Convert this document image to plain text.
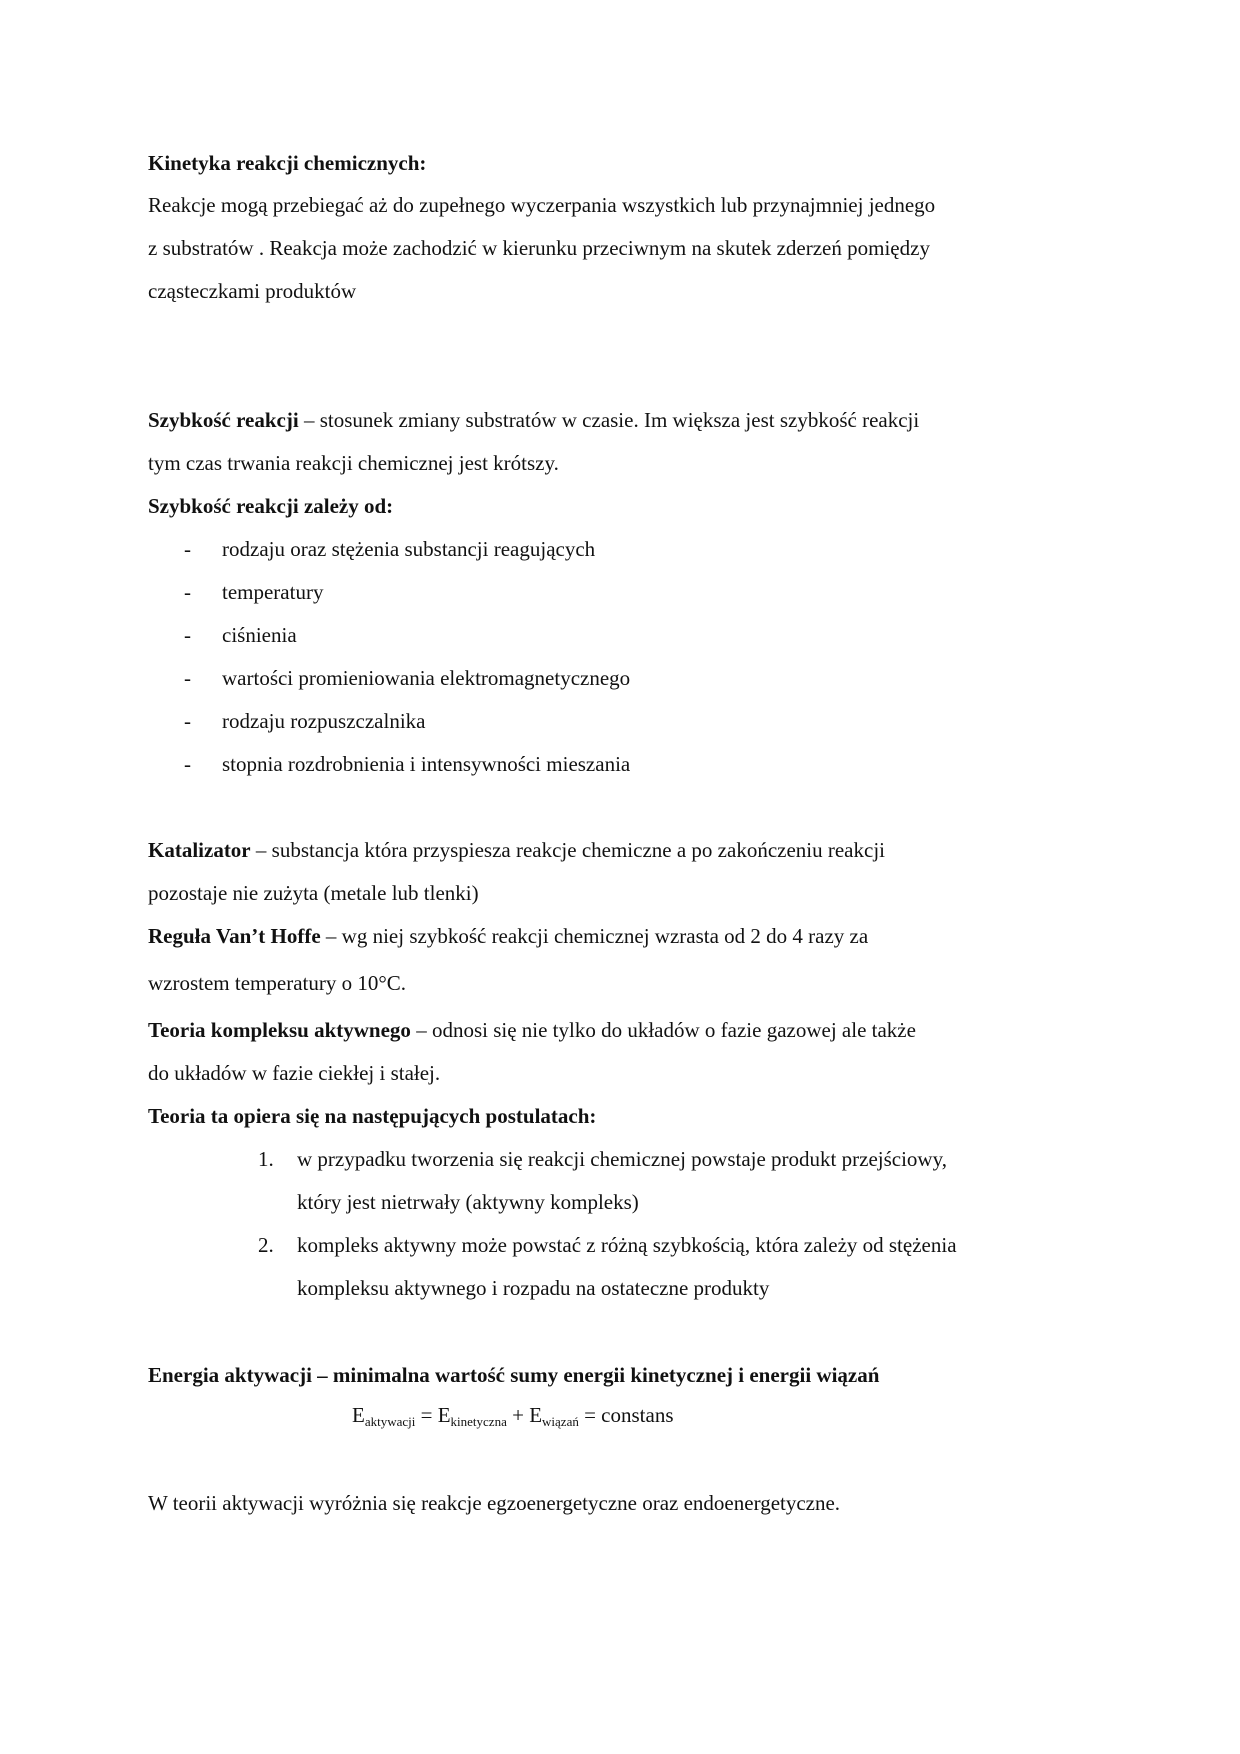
Kinetyka reakcji chemicznych:
Reakcje mogą przebiegać aż do zupełnego wyczerpania wszystkich lub przynajmniej jednego
z substratów . Reakcja może zachodzić w kierunku przeciwnym na skutek zderzeń pomiędzy
cząsteczkami produktów
Szybkość reakcji – stosunek zmiany substratów w czasie. Im większa jest szybkość reakcji
tym czas trwania reakcji chemicznej jest krótszy.
Szybkość reakcji zależy od:
- rodzaju oraz stężenia substancji reagujących
- temperatury
- ciśnienia
- wartości promieniowania elektromagnetycznego
- rodzaju rozpuszczalnika
- stopnia rozdrobnienia i intensywności mieszania
Katalizator – substancja która przyspiesza reakcje chemiczne a po zakończeniu reakcji
pozostaje nie zużyta (metale lub tlenki)
Reguła Van’t Hoffe – wg niej szybkość reakcji chemicznej wzrasta od 2 do 4 razy za
wzrostem temperatury o 10°C.
Teoria kompleksu aktywnego – odnosi się nie tylko do układów o fazie gazowej ale także
do układów w fazie ciekłej i stałej.
Teoria ta opiera się na następujących postulatach:
1. w przypadku tworzenia się reakcji chemicznej powstaje produkt przejściowy,
który jest nietrwały (aktywny kompleks)
2. kompleks aktywny może powstać z różną szybkością, która zależy od stężenia
kompleksu aktywnego i rozpadu na ostateczne produkty
Energia aktywacji – minimalna wartość sumy energii kinetycznej i energii wiązań
$E_{aktywacji} = E_{kinetyczna} + E_{wiązań}$ = constans
W teorii aktywacji wyróżnia się reakcje egzoenergetyczne oraz endoenergetyczne.
